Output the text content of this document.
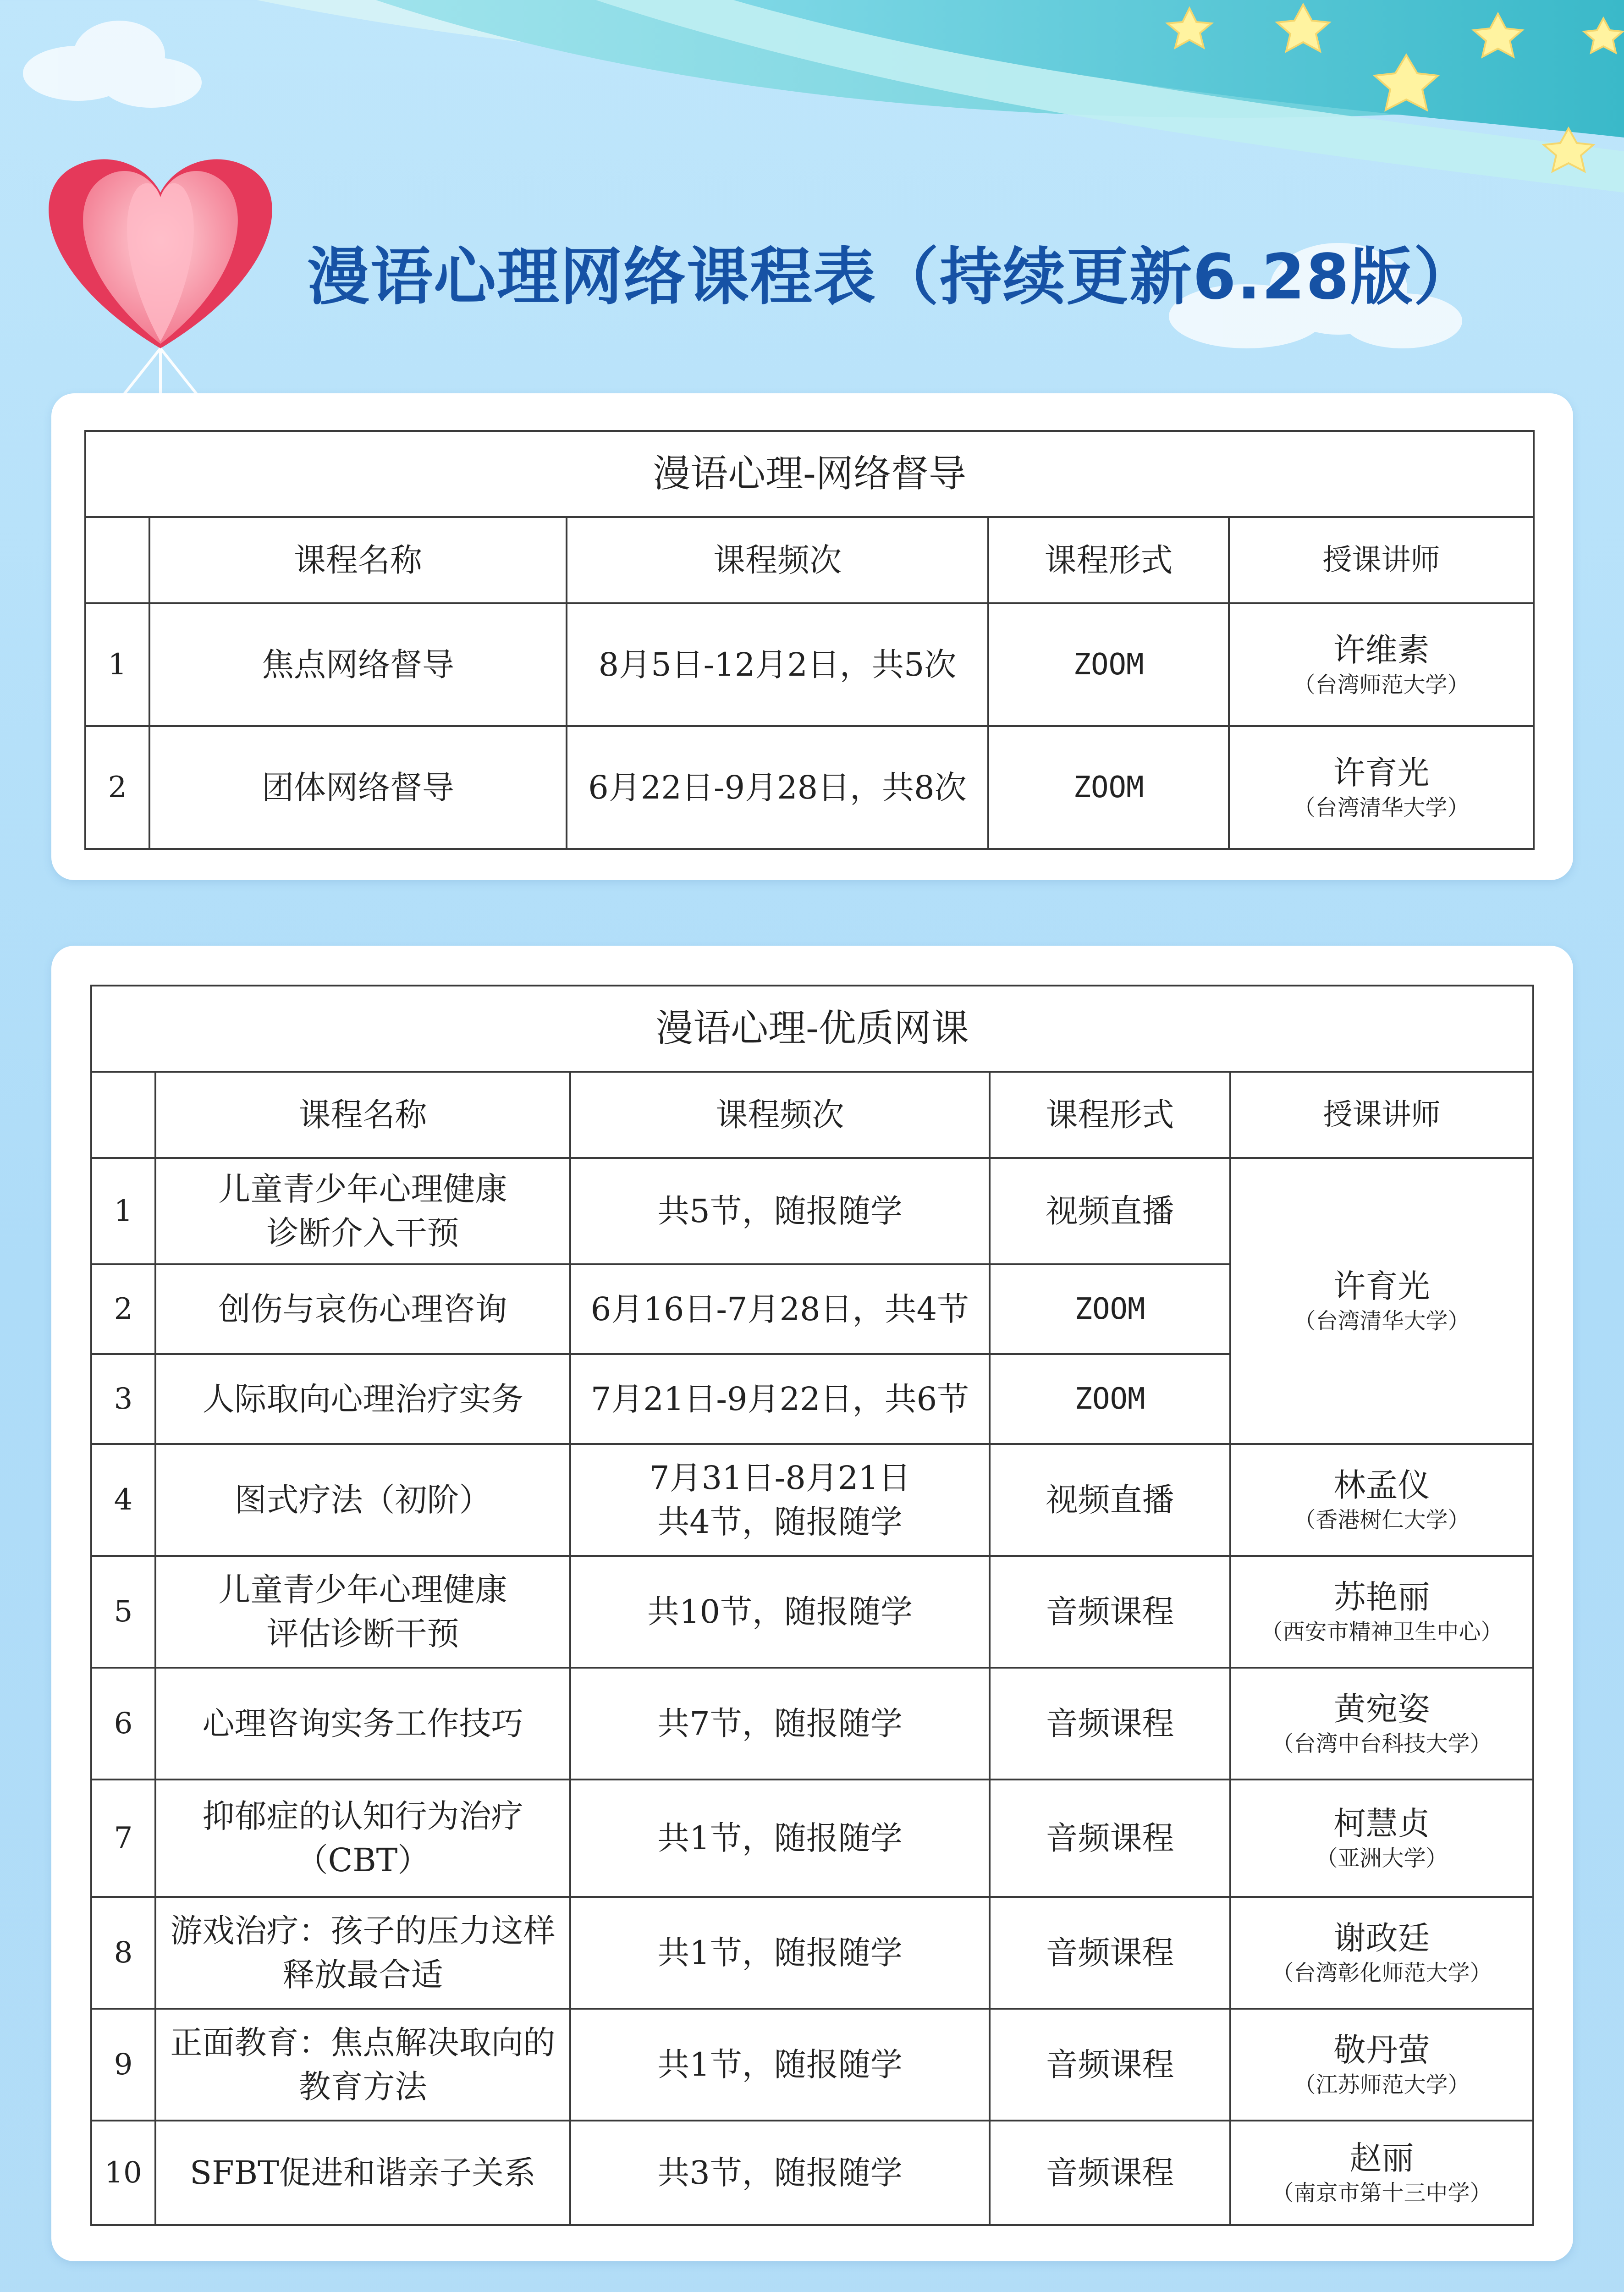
漫语心理网络课程表（持续更新6.28版）
漫语心理-网络督导				
	课程名称	课程频次	课程形式	授课讲师
1	焦点网络督导	8月5日-12月2日，共5次	ZOOM	许维素
（台湾师范大学）

2	团体网络督导	6月22日-9月28日，共8次	ZOOM	许育光
（台湾清华大学）
漫语心理-优质网课				
	课程名称	课程频次	课程形式	授课讲师
1	儿童青少年心理健康
诊断介入干预	共5节，随报随学	视频直播	许育光
（台湾清华大学）

2	创伤与哀伤心理咨询	6月16日-7月28日，共4节	ZOOM	
3	人际取向心理治疗实务	7月21日-9月22日，共6节	ZOOM	
4	图式疗法（初阶）	7月31日-8月21日
共4节，随报随学	视频直播	林孟仪
（香港树仁大学）

5	儿童青少年心理健康
评估诊断干预	共10节，随报随学	音频课程	苏艳丽
（西安市精神卫生中心）

6	心理咨询实务工作技巧	共7节，随报随学	音频课程	黄宛姿
（台湾中台科技大学）

7	抑郁症的认知行为治疗
（CBT）	共1节，随报随学	音频课程	柯慧贞
（亚洲大学）

8	游戏治疗：孩子的压力这样
释放最合适	共1节，随报随学	音频课程	谢政廷
（台湾彰化师范大学）

9	正面教育：焦点解决取向的
教育方法	共1节，随报随学	音频课程	敬丹萤
（江苏师范大学）

10	SFBT促进和谐亲子关系	共3节，随报随学	音频课程	赵丽
（南京市第十三中学）
